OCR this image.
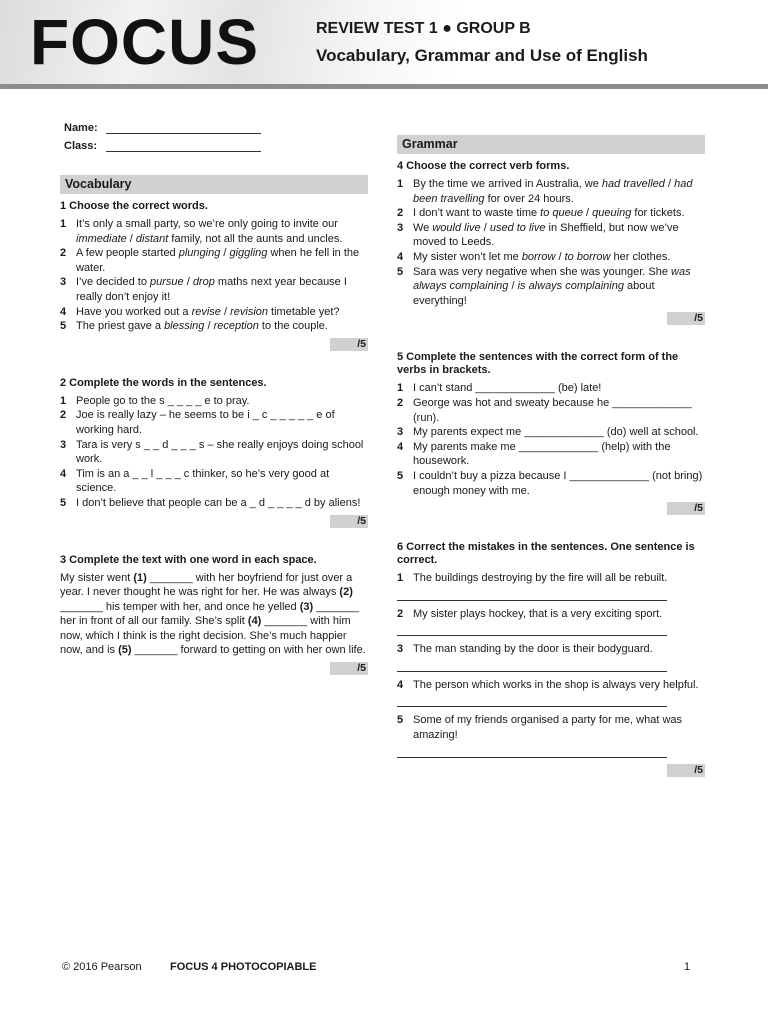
FOCUS	REVIEW TEST 1 ● GROUP B
Vocabulary, Grammar and Use of English
Name:
Class:
Vocabulary

1 Choose the correct words.

1 It’s only a small party, so we’re only going to invite our immediate / distant family, not all the aunts and uncles.

2 A few people started plunging / giggling when he fell in the water.

3 I’ve decided to pursue / drop maths next year because I really don’t enjoy it!

4 Have you worked out a revise / revision timetable yet?

5 The priest gave a blessing / reception to the couple.

/5

2 Complete the words in the sentences.

1 People go to the s _ _ _ _ e to pray.

2 Joe is really lazy – he seems to be i _ c _ _ _ _ _ e of working hard.

3 Tara is very s _ _ d _ _ _ s – she really enjoys doing school work.

4 Tim is an a _ _ l _ _ _ c thinker, so he’s very good at science.

5 I don’t believe that people can be a _ d _ _ _ _ d by aliens!

/5

3 Complete the text with one word in each space.

My sister went (1) _______ with her boyfriend for just over a year. I never thought he was right for her. He was always (2) _______ his temper with her, and once he yelled (3) _______ her in front of all our family. She’s split (4) _______ with him now, which I think is the right decision. She’s much happier now, and is (5) _______ forward to getting on with her own life.

/5
Grammar

4 Choose the correct verb forms.

1 By the time we arrived in Australia, we had travelled / had been travelling for over 24 hours.

2 I don’t want to waste time to queue / queuing for tickets.

3 We would live / used to live in Sheffield, but now we’ve moved to Leeds.

4 My sister won’t let me borrow / to borrow her clothes.

5 Sara was very negative when she was younger. She was always complaining / is always complaining about everything!

/5

5 Complete the sentences with the correct form of the verbs in brackets.

1 I can’t stand _____________ (be) late!

2 George was hot and sweaty because he _____________ (run).

3 My parents expect me _____________ (do) well at school.

4 My parents make me _____________ (help) with the housework.

5 I couldn’t buy a pizza because I _____________ (not bring) enough money with me.

/5

6 Correct the mistakes in the sentences. One sentence is correct.

1 The buildings destroying by the fire will all be rebuilt.

2 My sister plays hockey, that is a very exciting sport.

3 The man standing by the door is their bodyguard.

4 The person which works in the shop is always very helpful.

5 Some of my friends organised a party for me, what was amazing!

/5
© 2016 Pearson	FOCUS 4 PHOTOCOPIABLE	1
